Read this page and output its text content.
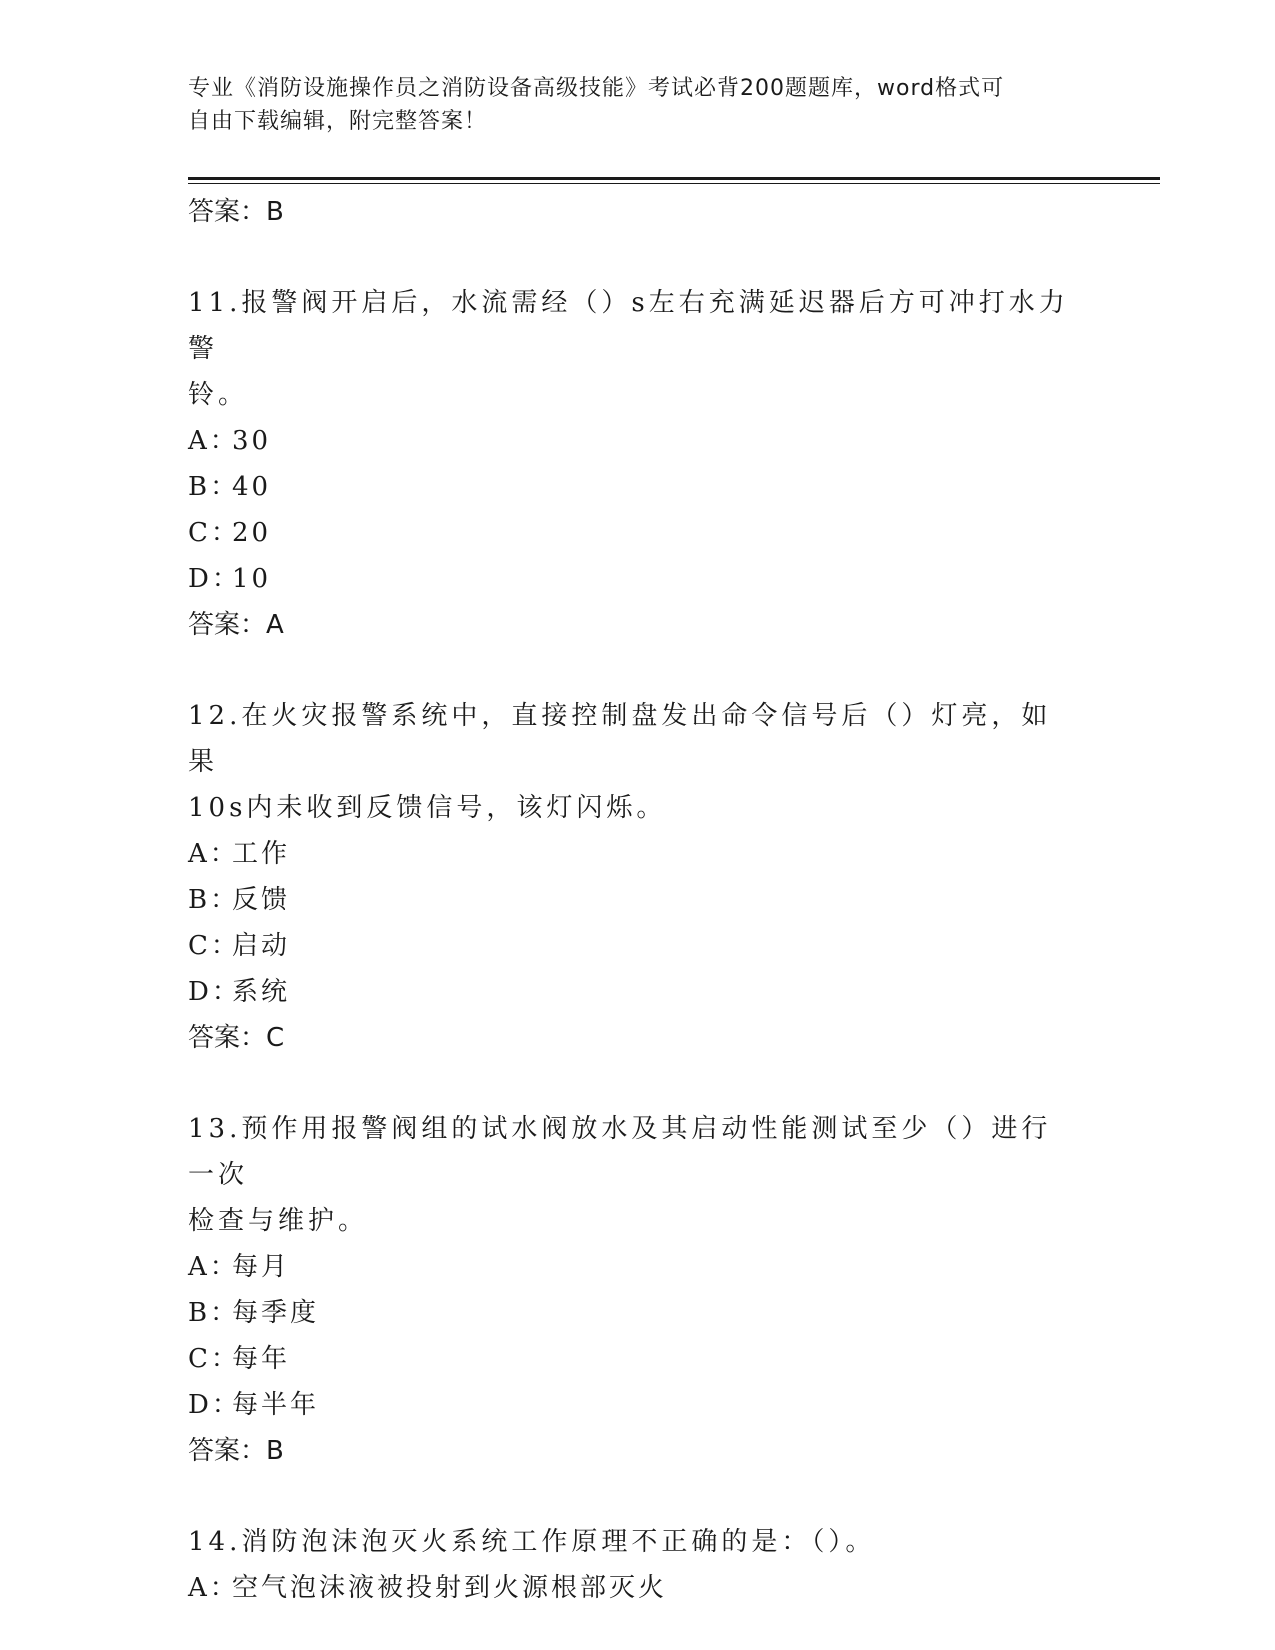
专业《消防设施操作员之消防设备高级技能》考试必背200题题库，word格式可
自由下载编辑，附完整答案！
答案：B
11.报警阀开启后，水流需经（）s左右充满延迟器后方可冲打水力警
铃。
A：30
B：40
C：20
D：10
答案：A
12.在火灾报警系统中，直接控制盘发出命令信号后（）灯亮，如果
10s内未收到反馈信号，该灯闪烁。
A：工作
B：反馈
C：启动
D：系统
答案：C
13.预作用报警阀组的试水阀放水及其启动性能测试至少（）进行一次
检查与维护。
A：每月
B：每季度
C：每年
D：每半年
答案：B
14.消防泡沫泡灭火系统工作原理不正确的是：（）。
A：空气泡沫液被投射到火源根部灭火
